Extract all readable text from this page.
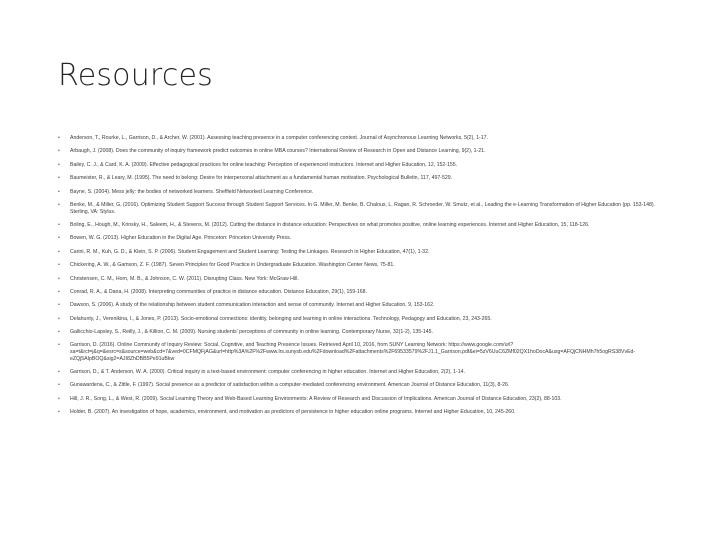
Resources
• Anderson, T., Rourke, L., Garrison, D., & Archer, W. (2001). Assessing teaching presence in a computer conferencing context. Journal of Asynchronous Learning Networks, 5(2), 1-17.
• Arbaugh, J. (2008). Does the community of inquiry framework predict outcomes in online MBA courses? International Review of Research in Open and Distance Learning, 9(2), 1-21.
• Bailey, C. J., & Card, K. A. (2009). Effective pedagogical practices for online teaching: Perception of experienced instructors. Internet and Higher Education, 12, 152-155.
• Baumeister, R., & Leary, M. (1995). The need to belong: Desire for interpersonal attachment as a fundamental human motivation. Psychological Bulletin, 117, 497-529.
• Bayne, S. (2004). Mess jelly: the bodies of networked learners. Sheffield Networked Learning Conference.
• Benke, M., & Miller, G. (2016). Optimizing Student Support Success through Student Support Services. In G. Miller, M. Benke, B. Chaloux, L. Ragan, R. Schroeder, W. Smutz, et al., Leading the e-Learning Transformation of Higher Education (pp. 153-148). Sterling, VA: Stylus.
• Boling, E., Hough, M., Krinsky, H., Saleem, H., & Stevens, M. (2012). Cutting the distance in distance education: Perspectives on what promotes positive, online learning experiences. Internet and Higher Education, 15, 118-126.
• Bowen, W. G. (2013). Higher Education in the Digital Age. Princeton: Princeton University Press.
• Carini, R. M., Kuh, G. D., & Klein, S. P. (2006). Student Engagement and Student Learning: Testing the Linkages. Research in Higher Education, 47(1), 1-32.
• Chickering, A. W., & Gamson, Z. F. (1987). Seven Principles for Good Practice in Undergraduate Education. Washington Center News, 75-81.
• Christensen, C. M., Horn, M. B., & Johnson, C. W. (2011). Disrupting Class. New York: McGraw Hill.
• Conrad, R. A., & Dana, H. (2008). Interpreting communities of practice in distance education. Distance Education, 29(1), 159-168.
• Dawson, S. (2006). A study of the relationship between student communication interaction and sense of community. Internet and Higher Education, 9, 153-162.
• Delahunty, J., Verenikina, I., & Jones, P. (2013). Socio-emotional connections: identity, belonging and learning in online interactions. Technology, Pedagogy and Education, 23, 243-265.
• Gallicchio-Lapsley, S., Reilly, J., & Killion, C. M. (2009). Nursing students' perceptions of community in online learning. Contemporary Nurse, 32(1-2), 135-145.
• Garrison, D. (2016). Online Community of Inquiry Review: Social, Cognitive, and Teaching Presence Issues. Retrieved April 10, 2016, from SUNY Learning Network: https://www.google.com/url?sa=t&rct=j&q=&esrc=s&source=web&cd=7&ved=0CFMQFjAG&url=http%3A%2F%2Fwww.lrs.sunysb.edu%2Fdownload%2Fattachments%2F69533579%2FJ1.1_Garrison.pdf&ei=5zV6UuC6ZMf02QX1hoDocA&usg=AFQjCNHMh7h5ogRS38VvEd-eZQj5AIpBOQ&sig2=AJI8ZhDBB5Pe91uBkw
• Garrison, D., & T. Anderson, W. A. (2000). Critical inquiry in a text-based environment: computer conferencing in higher education. Internet and Higher Education, 2(2), 1-14.
• Gunawardena, C., & Zittle, F. (1997). Social presence as a predictor of satisfaction within a computer-mediated conferencing environment. American Journal of Distance Education, 11(3), 8-26.
• Hill, J. R., Song, L., & West, R. (2009). Social Learning Theory and Web-Based Learning Environments: A Review of Research and Discussion of Implications. American Journal of Distance Education, 23(2), 88-103.
• Holder, B. (2007). An investigation of hope, academics, environment, and motivation as predictors of persistence in higher education online programs. Internet and Higher Education, 10, 245-260.
